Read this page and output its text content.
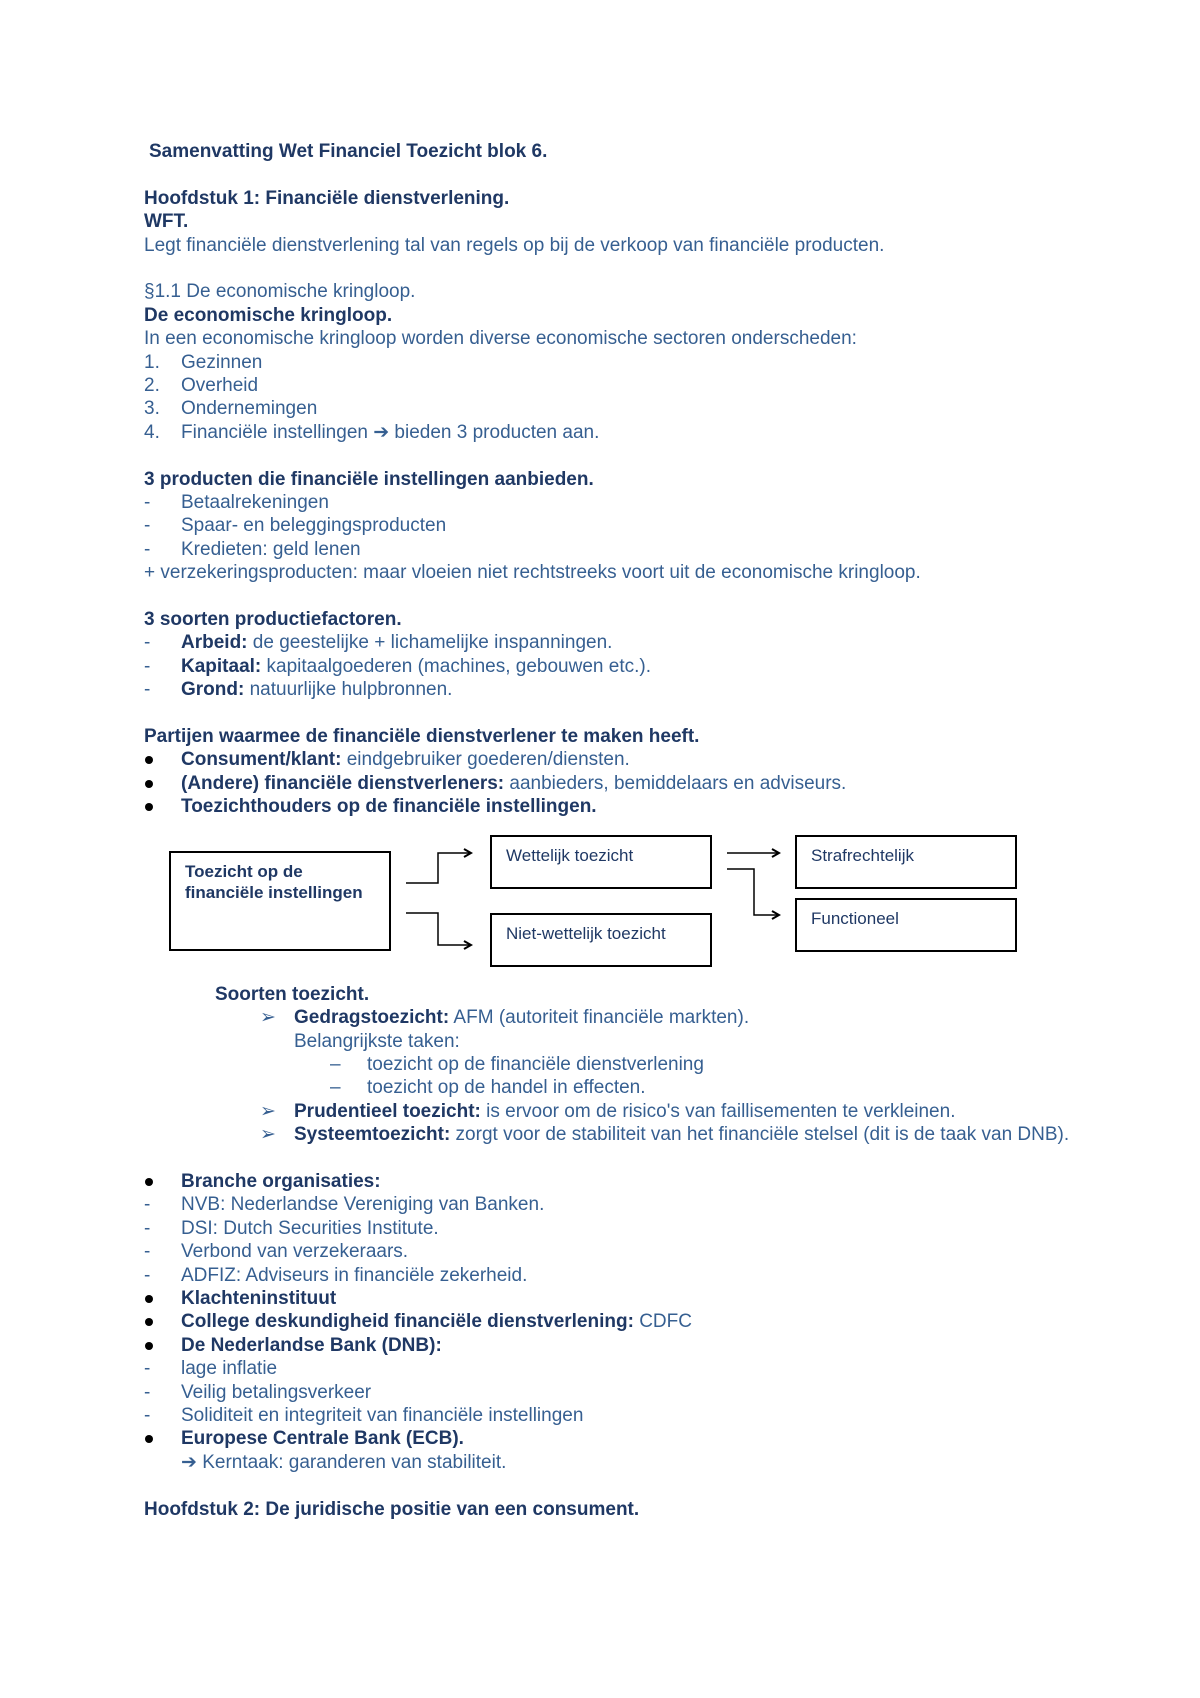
Samenvatting Wet Financiel Toezicht blok 6.

Hoofdstuk 1: Financiële dienstverlening.

WFT.

Legt financiële dienstverlening tal van regels op bij de verkoop van financiële producten.

§1.1 De economische kringloop.

De economische kringloop.

In een economische kringloop worden diverse economische sectoren onderscheden:

1. Gezinnen
2. Overheid
3. Ondernemingen
4. Financiële instellingen ➔ bieden 3 producten aan.

3 producten die financiële instellingen aanbieden.

- Betaalrekeningen
- Spaar- en beleggingsproducten
- Kredieten: geld lenen

+ verzekeringsproducten: maar vloeien niet rechtstreeks voort uit de economische kringloop.

3 soorten productiefactoren.

- Arbeid: de geestelijke + lichamelijke inspanningen.
- Kapitaal: kapitaalgoederen (machines, gebouwen etc.).
- Grond: natuurlijke hulpbronnen.

Partijen waarmee de financiële dienstverlener te maken heeft.

Consument/klant: eindgebruiker goederen/diensten.
(Andere) financiële dienstverleners: aanbieders, bemiddelaars en adviseurs.
Toezichthouders op de financiële instellingen.
Toezicht op de financiële instellingen
Wettelijk toezicht
Niet-wettelijk toezicht
Strafrechtelijk
Functioneel

Soorten toezicht.

➢ Gedragstoezicht: AFM (autoriteit financiële markten).
Belangrijkste taken:
– toezicht op de financiële dienstverlening
– toezicht op de handel in effecten.
➢ Prudentieel toezicht: is ervoor om de risico's van faillisementen te verkleinen.
➢ Systeemtoezicht: zorgt voor de stabiliteit van het financiële stelsel (dit is de taak van DNB).
Branche organisaties:
- NVB: Nederlandse Vereniging van Banken.
- DSI: Dutch Securities Institute.
- Verbond van verzekeraars.
- ADFIZ: Adviseurs in financiële zekerheid.
Klachteninstituut
College deskundigheid financiële dienstverlening: CDFC
De Nederlandse Bank (DNB):
- lage inflatie
- Veilig betalingsverkeer
- Soliditeit en integriteit van financiële instellingen
Europese Centrale Bank (ECB).
➔ Kerntaak: garanderen van stabiliteit.

Hoofdstuk 2: De juridische positie van een consument.
